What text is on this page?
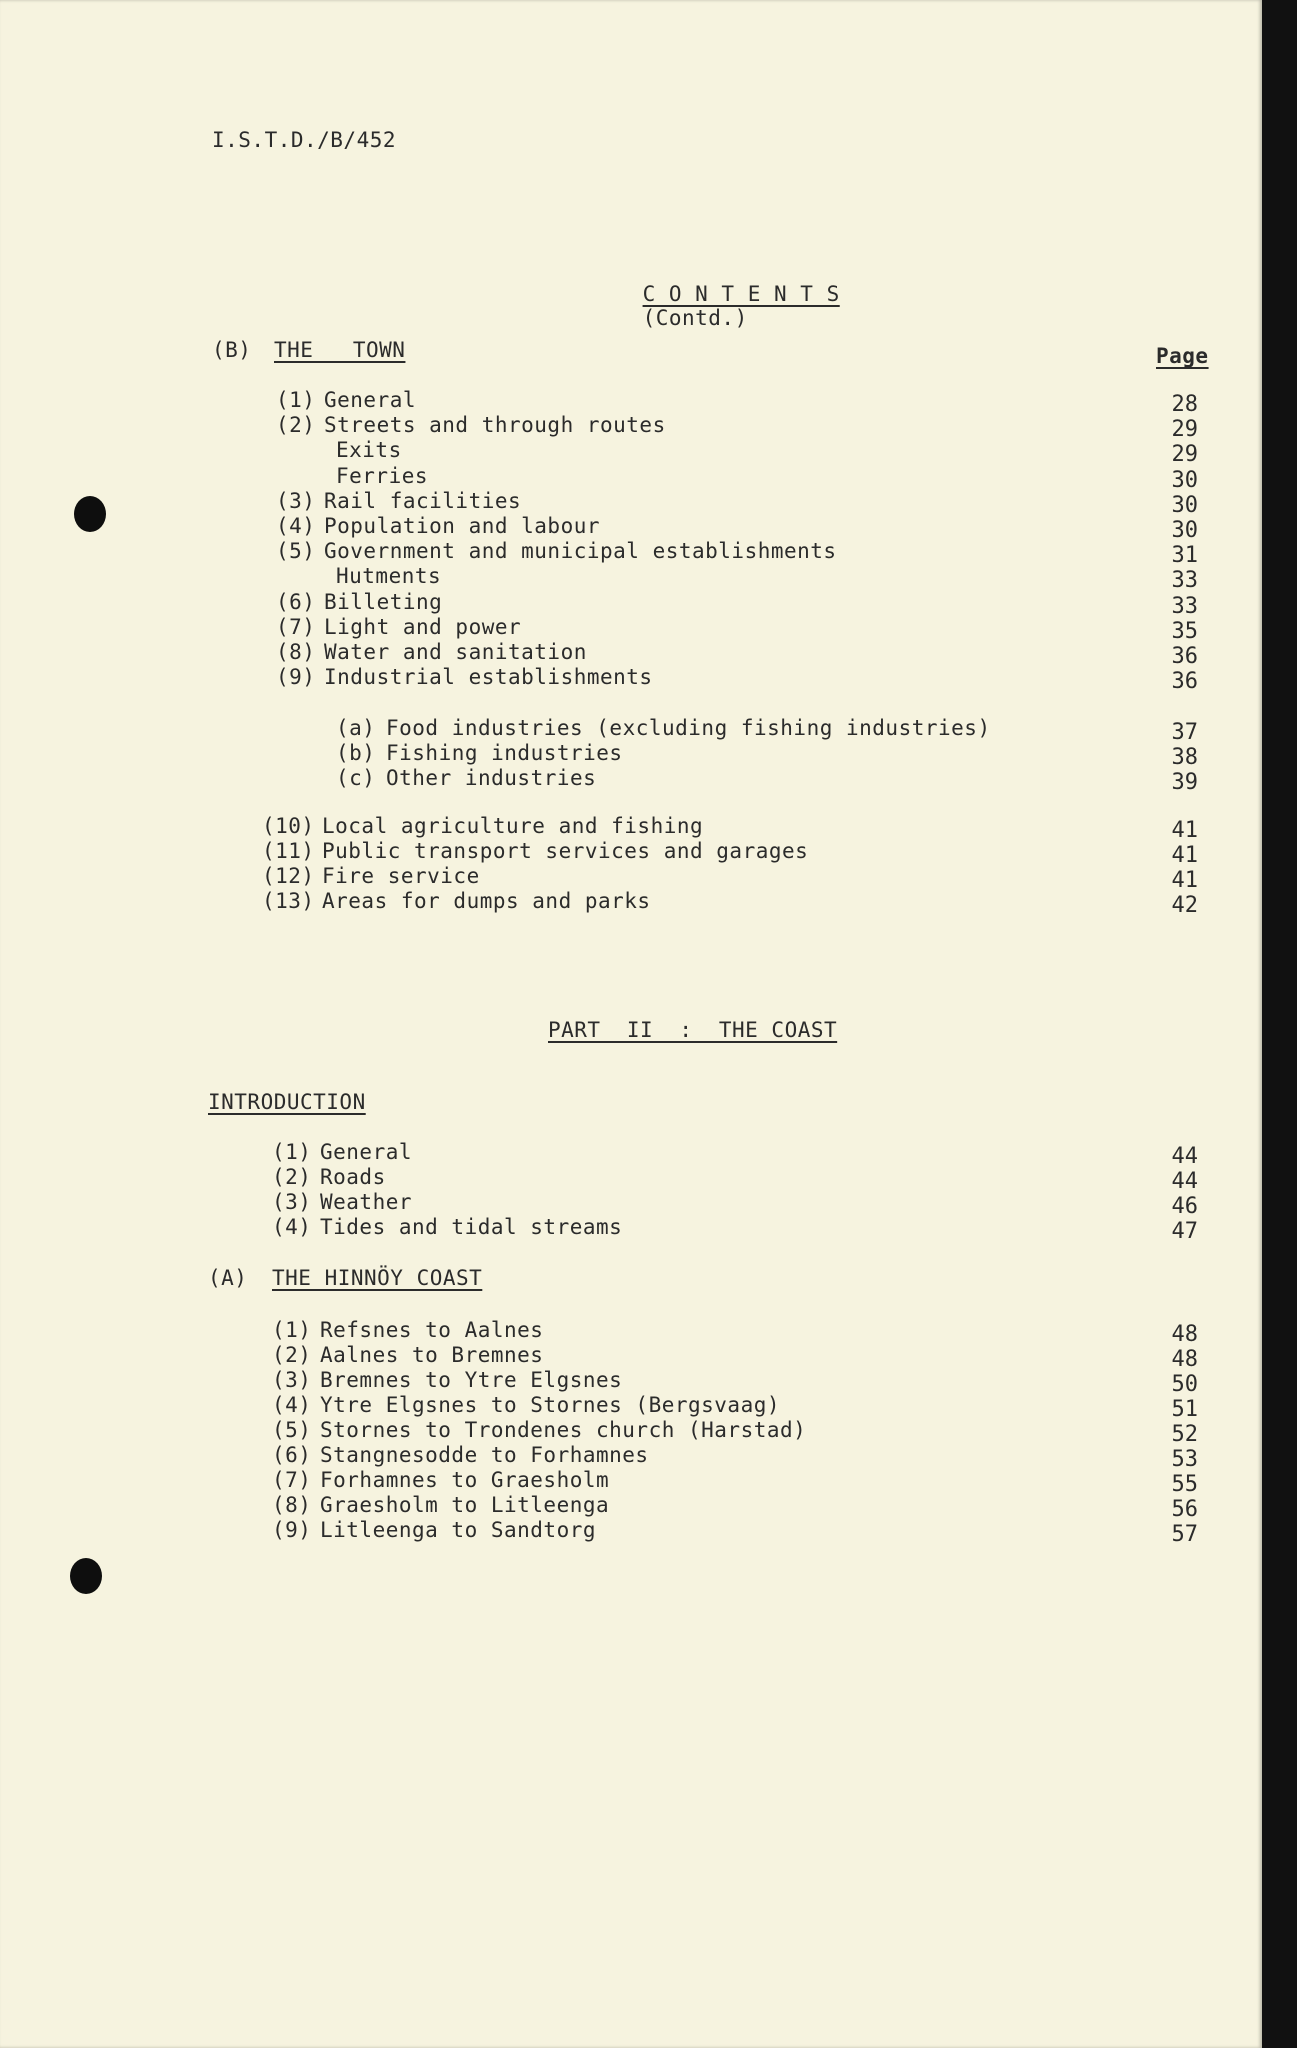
I.S.T.D./B/452

C O N T E N T S
(Contd.)

(B) THE   TOWN	Page
(1) General	28
(2) Streets and through routes	29
Exits	29
Ferries	30
(3) Rail facilities	30
(4) Population and labour	30
(5) Government and municipal establishments	31
Hutments	33
(6) Billeting	33
(7) Light and power	35
(8) Water and sanitation	36
(9) Industrial establishments	36
(a) Food industries (excluding fishing industries)	37
(b) Fishing industries	38
(c) Other industries	39
(10) Local agriculture and fishing	41
(11) Public transport services and garages	41
(12) Fire service	41
(13) Areas for dumps and parks	42
PART  II  :  THE COAST
INTRODUCTION
(1) General	44
(2) Roads	44
(3) Weather	46
(4) Tides and tidal streams	47
(A) THE HINNÖY COAST
(1) Refsnes to Aalnes	48
(2) Aalnes to Bremnes	48
(3) Bremnes to Ytre Elgsnes	50
(4) Ytre Elgsnes to Stornes (Bergsvaag)	51
(5) Stornes to Trondenes church (Harstad)	52
(6) Stangnesodde to Forhamnes	53
(7) Forhamnes to Graesholm	55
(8) Graesholm to Litleenga	56
(9) Litleenga to Sandtorg	57
